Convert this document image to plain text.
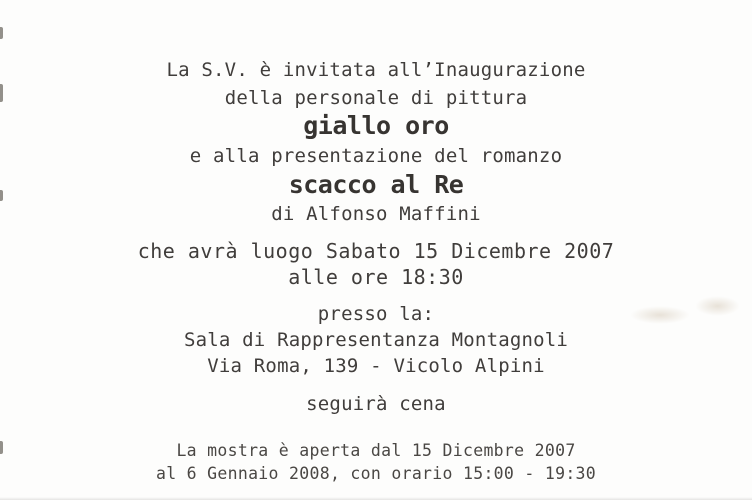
La S.V. è invitata all’Inaugurazione
della personale di pittura
giallo oro
e alla presentazione del romanzo
scacco al Re
di Alfonso Maffini
che avrà luogo Sabato 15 Dicembre 2007
alle ore 18:30
presso la:
Sala di Rappresentanza Montagnoli
Via Roma, 139 - Vicolo Alpini
seguirà cena
La mostra è aperta dal 15 Dicembre 2007
al 6 Gennaio 2008, con orario 15:00 - 19:30
